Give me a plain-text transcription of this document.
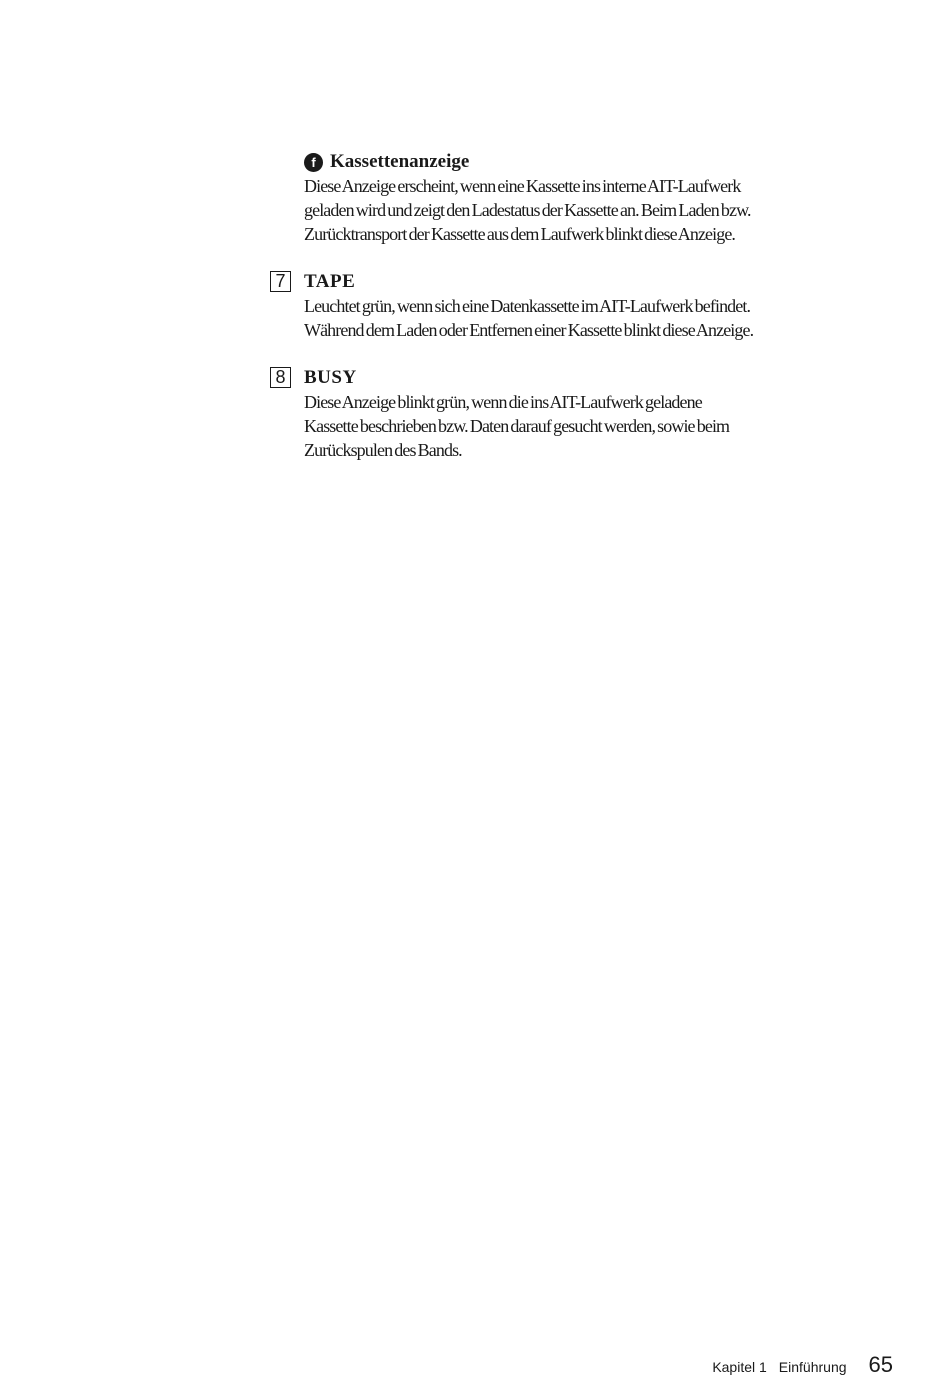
f Kassettenanzeige
Diese Anzeige erscheint, wenn eine Kassette ins interne AIT-Laufwerk
geladen wird und zeigt den Ladestatus der Kassette an. Beim Laden bzw.
Zurücktransport der Kassette aus dem Laufwerk blinkt diese Anzeige.
7 TAPE
Leuchtet grün, wenn sich eine Datenkassette im AIT-Laufwerk befindet.
Während dem Laden oder Entfernen einer Kassette blinkt diese Anzeige.
8 BUSY
Diese Anzeige blinkt grün, wenn die ins AIT-Laufwerk geladene
Kassette beschrieben bzw. Daten darauf gesucht werden, sowie beim
Zurückspulen des Bands.
Kapitel 1 Einführung 65
